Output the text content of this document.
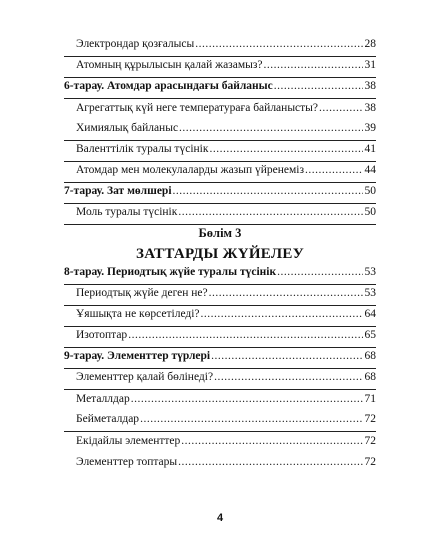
Электрондар қозғалысы .....	28
Атомның құрылысын қалай жазамыз? .....	31
6-тарау. Атомдар арасындағы байланыс .....	38
Агрегаттық күй неге температураға байланысты? .....	38
Химиялық байланыс .....	39
Валенттілік туралы түсінік .....	41
Атомдар мен молекулаларды жазып үйренеміз .....	44
7-тарау. Зат мөлшері .....	50
Моль туралы түсінік .....	50
Бөлім 3
ЗАТТАРДЫ ЖҮЙЕЛЕУ
8-тарау. Периодтық жүйе туралы түсінік .....	53
Периодтық жүйе деген не? .....	53
Ұяшықта не көрсетіледі? .....	64
Изотоптар .....	65
9-тарау. Элементтер түрлері .....	68
Элементтер қалай бөлінеді? .....	68
Металлдар .....	71
Бейметалдар .....	72
Екідайлы элементтер .....	72
Элементтер топтары .....	72
4
